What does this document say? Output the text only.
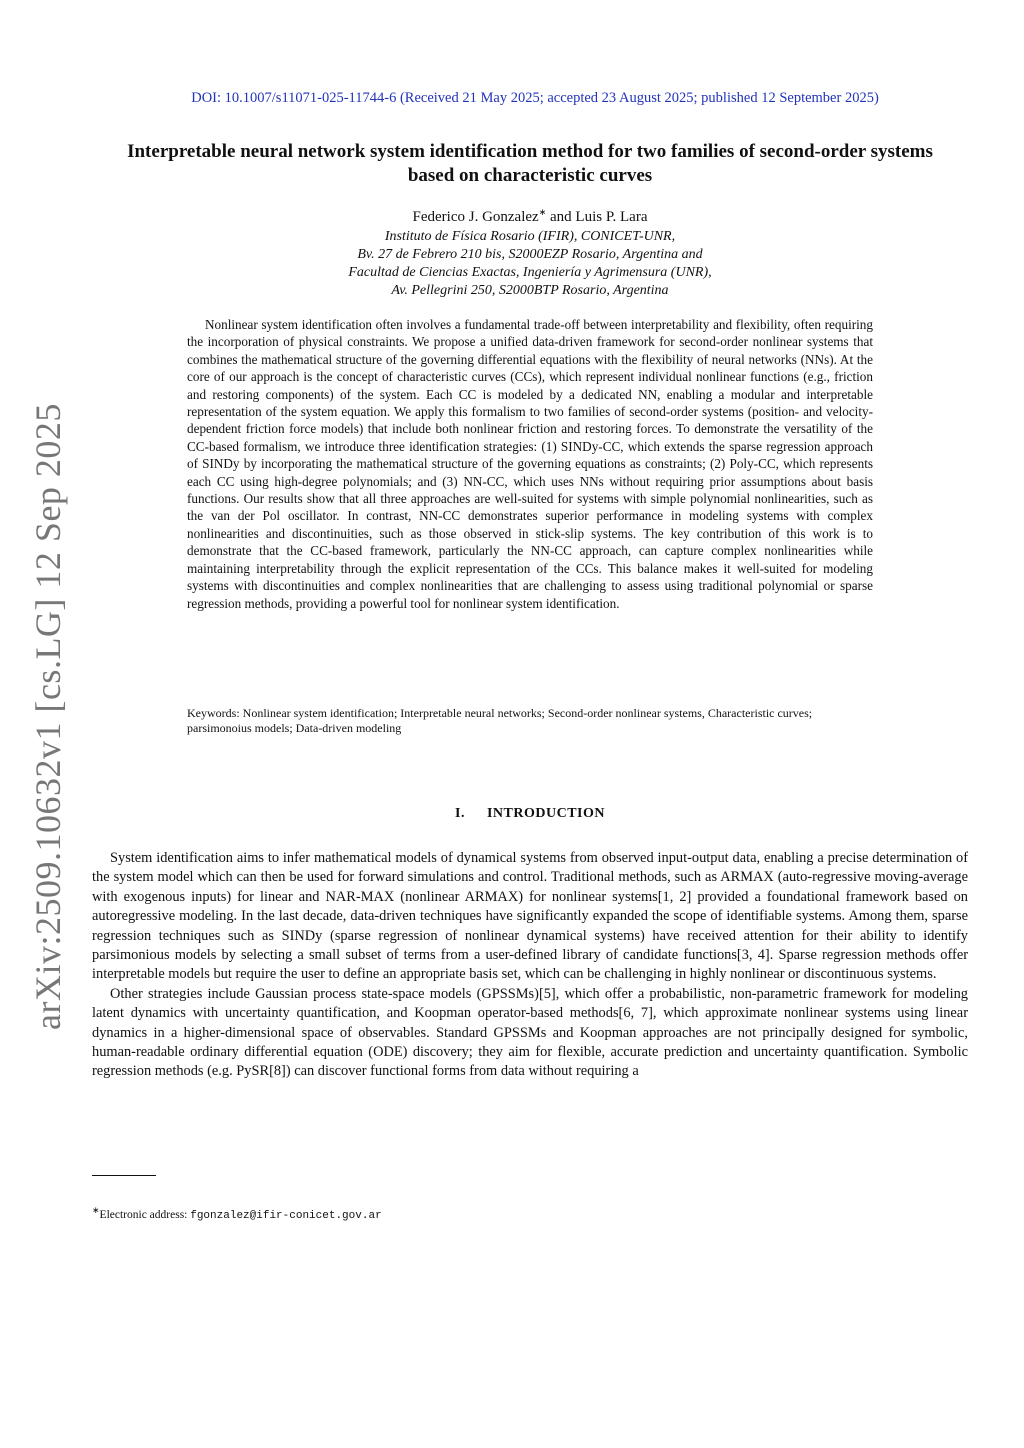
arXiv:2509.10632v1 [cs.LG] 12 Sep 2025
DOI: 10.1007/s11071-025-11744-6 (Received 21 May 2025; accepted 23 August 2025; published 12 September 2025)
Interpretable neural network system identification method for two families of second-order systems based on characteristic curves
Federico J. Gonzalez∗ and Luis P. Lara
Instituto de Física Rosario (IFIR), CONICET-UNR,
Bv. 27 de Febrero 210 bis, S2000EZP Rosario, Argentina and
Facultad de Ciencias Exactas, Ingeniería y Agrimensura (UNR),
Av. Pellegrini 250, S2000BTP Rosario, Argentina

Nonlinear system identification often involves a fundamental trade-off between interpretability and flexibility, often requiring the incorporation of physical constraints. We propose a unified data-driven framework for second-order nonlinear systems that combines the mathematical structure of the governing differential equations with the flexibility of neural networks (NNs). At the core of our approach is the concept of characteristic curves (CCs), which represent individual nonlinear functions (e.g., friction and restoring components) of the system. Each CC is modeled by a dedicated NN, enabling a modular and interpretable representation of the system equation. We apply this formalism to two families of second-order systems (position- and velocity-dependent friction force models) that include both nonlinear friction and restoring forces. To demonstrate the versatility of the CC-based formalism, we introduce three identification strategies: (1) SINDy-CC, which extends the sparse regression approach of SINDy by incorporating the mathematical structure of the governing equations as constraints; (2) Poly-CC, which represents each CC using high-degree polynomials; and (3) NN-CC, which uses NNs without requiring prior assumptions about basis functions. Our results show that all three approaches are well-suited for systems with simple polynomial nonlinearities, such as the van der Pol oscillator. In contrast, NN-CC demonstrates superior performance in modeling systems with complex nonlinearities and discontinuities, such as those observed in stick-slip systems. The key contribution of this work is to demonstrate that the CC-based framework, particularly the NN-CC approach, can capture complex nonlinearities while maintaining interpretability through the explicit representation of the CCs. This balance makes it well-suited for modeling systems with discontinuities and complex nonlinearities that are challenging to assess using traditional polynomial or sparse regression methods, providing a powerful tool for nonlinear system identification.

Keywords: Nonlinear system identification; Interpretable neural networks; Second-order nonlinear systems, Characteristic curves; parsimonoius models; Data-driven modeling

I. INTRODUCTION

System identification aims to infer mathematical models of dynamical systems from observed input-output data, enabling a precise determination of the system model which can then be used for forward simulations and control. Traditional methods, such as ARMAX (auto-regressive moving-average with exogenous inputs) for linear and NAR-MAX (nonlinear ARMAX) for nonlinear systems[1, 2] provided a foundational framework based on autoregressive modeling. In the last decade, data-driven techniques have significantly expanded the scope of identifiable systems. Among them, sparse regression techniques such as SINDy (sparse regression of nonlinear dynamical systems) have received attention for their ability to identify parsimonious models by selecting a small subset of terms from a user-defined library of candidate functions[3, 4]. Sparse regression methods offer interpretable models but require the user to define an appropriate basis set, which can be challenging in highly nonlinear or discontinuous systems.

Other strategies include Gaussian process state-space models (GPSSMs)[5], which offer a probabilistic, non-parametric framework for modeling latent dynamics with uncertainty quantification, and Koopman operator-based methods[6, 7], which approximate nonlinear systems using linear dynamics in a higher-dimensional space of observables. Standard GPSSMs and Koopman approaches are not principally designed for symbolic, human-readable ordinary differential equation (ODE) discovery; they aim for flexible, accurate prediction and uncertainty quantification. Symbolic regression methods (e.g. PySR[8]) can discover functional forms from data without requiring a

∗Electronic address: fgonzalez@ifir-conicet.gov.ar
